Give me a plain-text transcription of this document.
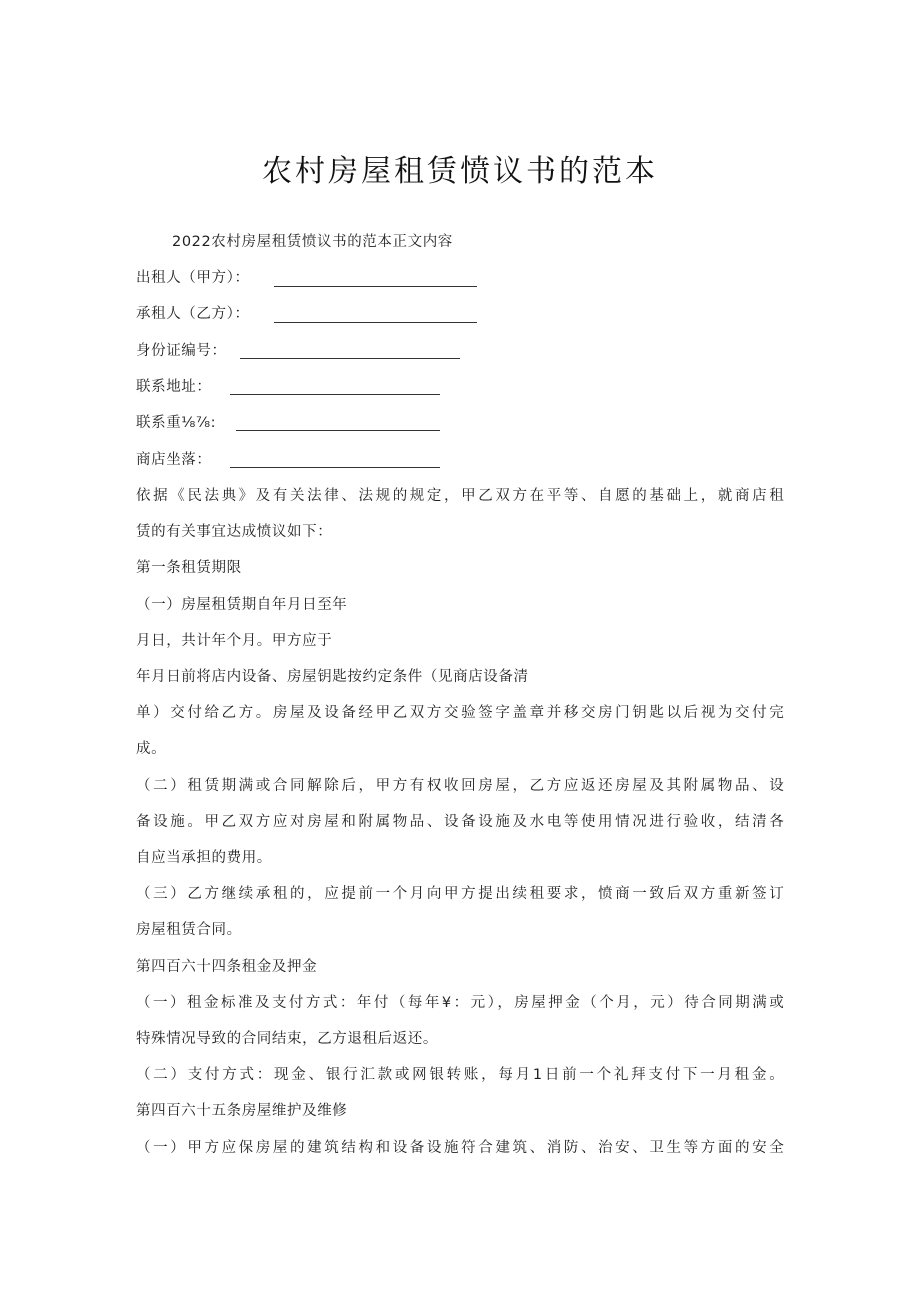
农村房屋租赁愤议书的范本
2022农村房屋租赁愤议书的范本正文内容
出租人（甲方）：
承租人（乙方）：
身份证编号：
联系地址：
联系重⅛⅞:
商店坐落：
依据《民法典》及有关法律、法规的规定，甲乙双方在平等、自愿的基础上，就商店租
赁的有关事宜达成愤议如下：
第一条租赁期限
（一）房屋租赁期自年月日至年
月日，共计年个月。甲方应于
年月日前将店内设备、房屋钥匙按约定条件（见商店设备清
单）交付给乙方。房屋及设备经甲乙双方交验签字盖章并移交房门钥匙以后视为交付完
成。
（二）租赁期满或合同解除后，甲方有权收回房屋，乙方应返还房屋及其附属物品、设
备设施。甲乙双方应对房屋和附属物品、设备设施及水电等使用情况进行验收，结清各
自应当承担的费用。
（三）乙方继续承租的，应提前一个月向甲方提出续租要求，愤商一致后双方重新签订
房屋租赁合同。
第四百六十四条租金及押金
（一）租金标准及支付方式：年付（每年¥：元），房屋押金（个月，元）待合同期满或
特殊情况导致的合同结束，乙方退租后返还。
（二）支付方式：现金、银行汇款或网银转账，每月1日前一个礼拜支付下一月租金。
第四百六十五条房屋维护及维修
（一）甲方应保房屋的建筑结构和设备设施符合建筑、消防、治安、卫生等方面的安全
